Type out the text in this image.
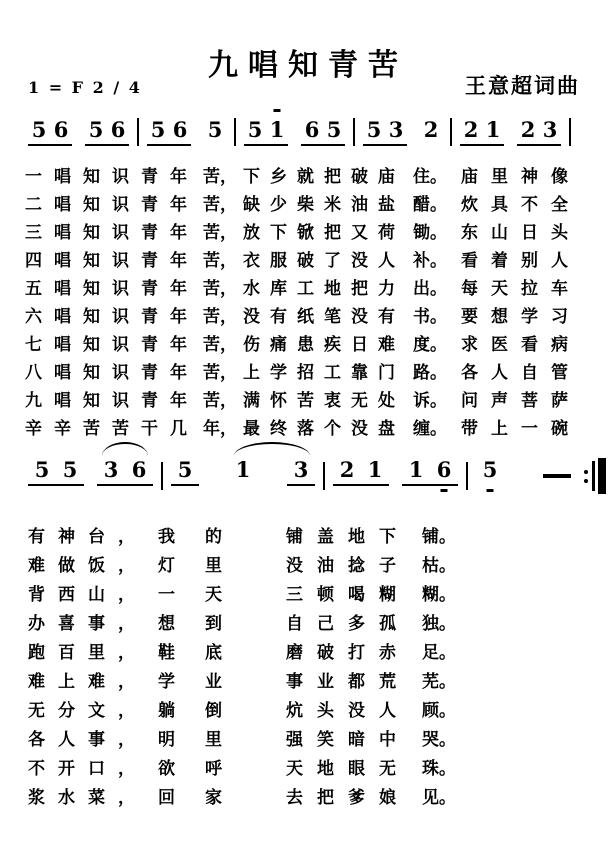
九唱知青苦
1 = F 2 / 4	王意超词曲
5 6 5 6 5 6 5 5 1 6 5 5 3 2 2 1 2 3
一唱知识青年 苦， 下乡就把破庙 住。 庙里神像
二唱知识青年 苦， 缺少柴米油盐 醋。 炊具不全
三唱知识青年 苦， 放下锨把又荷 锄。 东山日头
四唱知识青年 苦， 衣服破了没人 补。 看着别人
五唱知识青年 苦， 水库工地把力 出。 每天拉车
六唱知识青年 苦， 没有纸笔没有 书。 要想学习
七唱知识青年 苦， 伤痛患疾日难 度。 求医看病
八唱知识青年 苦， 上学招工靠门 路。 各人自管
九唱知识青年 苦， 满怀苦衷无处 诉。 问声菩萨
辛辛苦苦干几 年， 最终落个没盘 缠。 带上一碗
5 5 3 6 5 1 3 2 1 1 6 5
有神台， 我的	铺盖地下 铺。
难做饭， 灯里	没油捻子 枯。
背西山， 一天	三顿喝糊 糊。
办喜事， 想到	自己多孤 独。
跑百里， 鞋底	磨破打赤 足。
难上难， 学业	事业都荒 芜。
无分文， 躺倒	炕头没人 顾。
各人事， 明里	强笑暗中 哭。
不开口， 欲呼	天地眼无 珠。
浆水菜， 回家	去把爹娘 见。
